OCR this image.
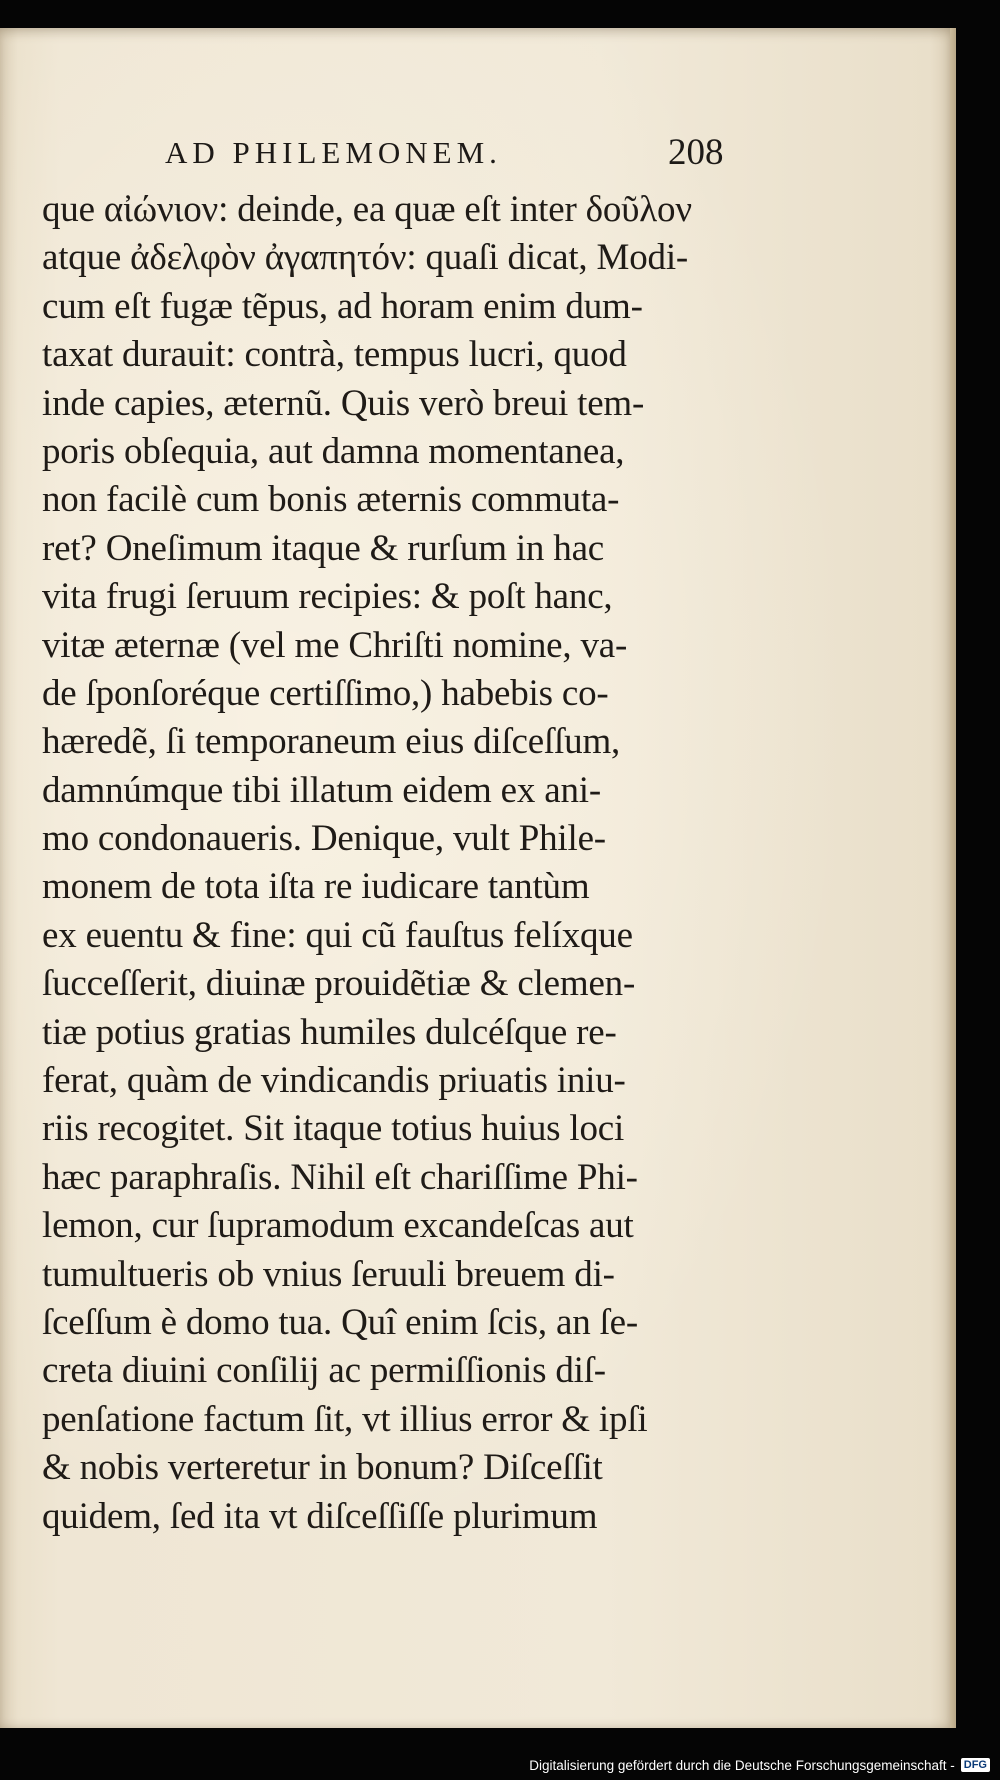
AD PHILEMONEM.	208
que αἰώνιον: deinde, ea quæ eſt inter δοῦλον
atque ἀδελφὸν ἀγαπητόν: quaſi dicat, Modi-
cum eſt fugæ tẽpus, ad horam enim dum-
taxat durauit: contrà, tempus lucri, quod
inde capies, æternũ. Quis verò breui tem-
poris obſequia, aut damna momentanea,
non facilè cum bonis æternis commuta-
ret? Oneſimum itaque & rurſum in hac
vita frugi ſeruum recipies: & poſt hanc,
vitæ æternæ (vel me Chriſti nomine, va-
de ſponſoréque certiſſimo,) habebis co-
hæredẽ, ſi temporaneum eius diſceſſum,
damnúmque tibi illatum eidem ex ani-
mo condonaueris. Denique, vult Phile-
monem de tota iſta re iudicare tantùm
ex euentu & fine: qui cũ fauſtus felíxque
ſucceſſerit, diuinæ prouidẽtiæ & clemen-
tiæ potius gratias humiles dulcéſque re-
ferat, quàm de vindicandis priuatis iniu-
riis recogitet. Sit itaque totius huius loci
hæc paraphraſis. Nihil eſt chariſſime Phi-
lemon, cur ſupramodum excandeſcas aut
tumultueris ob vnius ſeruuli breuem di-
ſceſſum è domo tua. Quî enim ſcis, an ſe-
creta diuini conſilij ac permiſſionis diſ-
penſatione factum ſit, vt illius error & ipſi
& nobis verteretur in bonum? Diſceſſit
quidem, ſed ita vt diſceſſiſſe plurimum

Digitalisierung gefördert durch die Deutsche Forschungsgemeinschaft - DFG
